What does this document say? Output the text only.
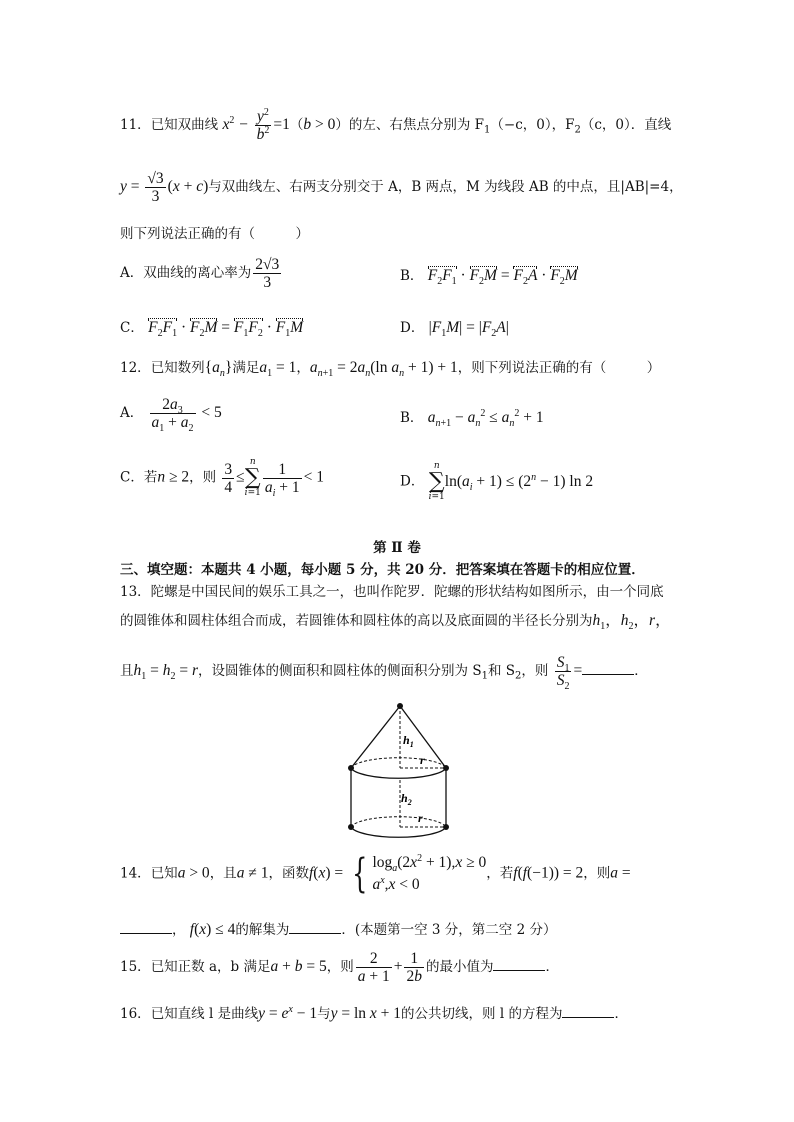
11．已知双曲线 $x^2 - \frac{y^2}{b^2} =1(b > 0)$的左、右焦点分别为 $F_1(-c$，0），$F_2(c$，0）．直线
$y = \frac{√3}{3} (x + c)$与双曲线左、右两支分别交于 A，B 两点，M 为线段 AB 的中点，且|AB|=4，
则下列说法正确的有（　　　）
A．双曲线的离心率为 $\frac{2√3}{3}$	B． $F_2F_1 \cdot F_2M = F_2A \cdot F_2M$
C． $F_2F_1 \cdot F_2M = F_1F_2 \cdot F_1M$	D． $|F_1M| = |F_2A|$
12．已知数列$\{a_n\}$满足$a_1 = 1$，$a_{n+1} = 2a_n(\ln$ $a_n + 1) + 1$，则下列说法正确的有（　　　）
A． $\frac{2a_3}{a_1 + a_2} < 5$	B． $a_{n+1} - a_n^2 \le a_n^2 + 1$
C．若n ≥ 2，则 $\frac{3}{4} \le n$
∑
$i=1 \frac{1}{a_i + 1} < 1$	D． n
∑
$i=1\ln(a_i + 1) \le (2^n - 1)$ ln 2
第 Ⅱ 卷
三、填空题：本题共 4 小题，每小题 5 分，共 20 分．把答案填在答题卡的相应位置．
13．陀螺是中国民间的娱乐工具之一，也叫作陀罗．陀螺的形状结构如图所示，由一个同底
的圆锥体和圆柱体组合而成，若圆锥体和圆柱体的高以及底面圆的半径长分别为$h_1$，$h_2$，r，
且$h_1 = h_2 = r$，设圆锥体的侧面积和圆柱体的侧面积分别为 $S_1$和 $S_2$，则 $\frac{S_1}{S_2}$ =	．
$h_1$
r
$h_2$
r
14．已知a > 0，且a ≠ 1，函数f(x) = { $\log_a(2x^2 + 1),x \ge 0$
$a^x,x < 0$
，若f(f(−1)) = 2，则a =
， f(x) ≤ 4的解集为	．(本题第一空 3 分，第二空 2 分）
15．已知正数 a，b 满足a + b = 5，则 $\frac{2}{a + 1} + \frac{1}{2b}$ 的最小值为	．
16．已知直线 l 是曲线$y = e^x - 1$与y = ln x + 1的公共切线，则 l 的方程为	．
